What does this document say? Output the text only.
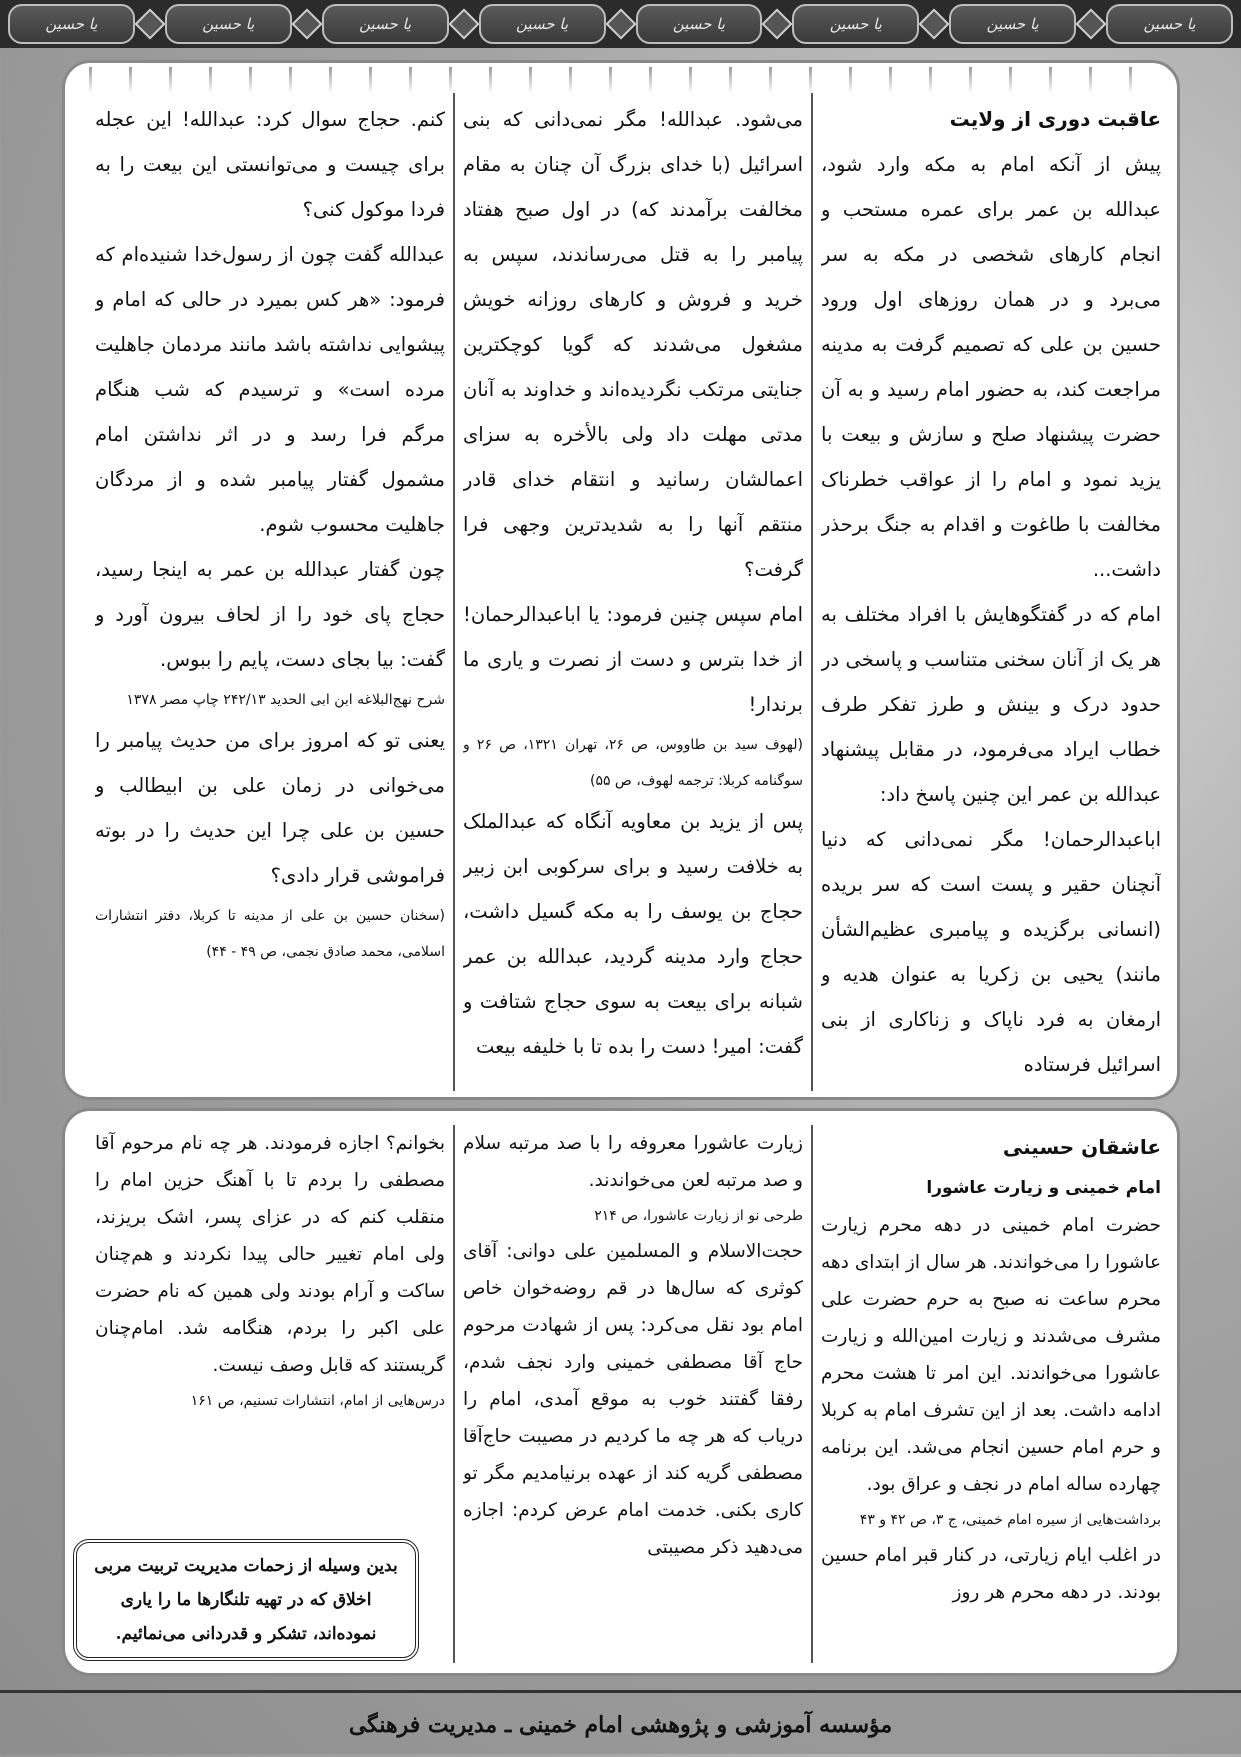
یا حسین
یا حسین
یا حسین
یا حسین
یا حسین
یا حسین
یا حسین
یا حسین
عاقبت دوری از ولایت

پیش از آنکه امام به مکه وارد شود، عبدالله بن عمر برای عمره مستحب و انجام کارهای شخصی در مکه به سر می‌برد و در همان روزهای اول ورود حسین بن علی که تصمیم گرفت به مدینه مراجعت کند، به حضور امام رسید و به آن حضرت پیشنهاد صلح و سازش و بیعت با یزید نمود و امام را از عواقب خطرناک مخالفت با طاغوت و اقدام به جنگ برحذر داشت...

امام که در گفتگوهایش با افراد مختلف به هر یک از آنان سخنی متناسب و پاسخی در حدود درک و بینش و طرز تفکر طرف خطاب ایراد می‌فرمود، در مقابل پیشنهاد عبدالله بن عمر این چنین پاسخ داد:

اباعبدالرحمان! مگر نمی‌دانی که دنیا آنچنان حقیر و پست است که سر بریده (انسانی برگزیده و پیامبری عظیم‌الشأن مانند) یحیی بن زکریا به عنوان هدیه و ارمغان به فرد ناپاک و زناکاری از بنی اسرائیل فرستاده

می‌شود. عبدالله! مگر نمی‌دانی که بنی اسرائیل (با خدای بزرگ آن چنان به مقام مخالفت برآمدند که) در اول صبح هفتاد پیامبر را به قتل می‌رساندند، سپس به خرید و فروش و کارهای روزانه خویش مشغول می‌شدند که گویا کوچکترین جنایتی مرتکب نگردیده‌اند و خداوند به آنان مدتی مهلت داد ولی بالأخره به سزای اعمالشان رسانید و انتقام خدای قادر منتقم آنها را به شدیدترین وجهی فرا گرفت؟

امام سپس چنین فرمود: یا اباعبدالرحمان! از خدا بترس و دست از نصرت و یاری ما برندار!

(لهوف سید بن طاووس، ص ۲۶، تهران ۱۳۲۱، ص ۲۶ و سوگنامه کربلا: ترجمه لهوف، ص ۵۵)

پس از یزید بن معاویه آنگاه که عبدالملک به خلافت رسید و برای سرکوبی ابن زبیر حجاج بن یوسف را به مکه گسیل داشت، حجاج وارد مدینه گردید، عبدالله بن عمر شبانه برای بیعت به سوی حجاج شتافت و گفت: امیر! دست را بده تا با خلیفه بیعت

کنم. حجاج سوال کرد: عبدالله! این عجله برای چیست و می‌توانستی این بیعت را به فردا موکول کنی؟

عبدالله گفت چون از رسول‌خدا شنیده‌ام که فرمود: «هر کس بمیرد در حالی که امام و پیشوایی نداشته باشد مانند مردمان جاهلیت مرده است» و ترسیدم که شب هنگام مرگم فرا رسد و در اثر نداشتن امام مشمول گفتار پیامبر شده و از مردگان جاهلیت محسوب شوم.

چون گفتار عبدالله بن عمر به اینجا رسید، حجاج پای خود را از لحاف بیرون آورد و گفت: بیا بجای دست، پایم را ببوس.

شرح نهج‌البلاغه ابن ابی الحدید ۲۴۲/۱۳ چاپ مصر ۱۳۷۸

یعنی تو که امروز برای من حدیث پیامبر را می‌خوانی در زمان علی بن ابیطالب و حسین بن علی چرا این حدیث را در بوته فراموشی قرار دادی؟

(سخنان حسین بن علی از مدینه تا کربلا، دفتر انتشارات اسلامی، محمد صادق نجمی، ص ۴۹ - ۴۴)

عاشقان حسینی
امام خمینی و زیارت عاشورا

حضرت امام خمینی در دهه محرم زیارت عاشورا را می‌خواندند. هر سال از ابتدای دهه محرم ساعت نه صبح به حرم حضرت علی مشرف می‌شدند و زیارت امین‌الله و زیارت عاشورا می‌خواندند. این امر تا هشت محرم ادامه داشت. بعد از این تشرف امام به کربلا و حرم امام حسین انجام می‌شد. این برنامه چهارده ساله امام در نجف و عراق بود.

برداشت‌هایی از سیره امام خمینی، ج ۳، ص ۴۲ و ۴۳

در اغلب ایام زیارتی، در کنار قبر امام حسین بودند. در دهه محرم هر روز

زیارت عاشورا معروفه را با صد مرتبه سلام و صد مرتبه لعن می‌خواندند.

طرحی نو از زیارت عاشورا، ص ۲۱۴

حجت‌الاسلام و المسلمین علی دوانی: آقای کوثری که سال‌ها در قم روضه‌خوان خاص امام بود نقل می‌کرد: پس از شهادت مرحوم حاج آقا مصطفی خمینی وارد نجف شدم، رفقا گفتند خوب به موقع آمدی، امام را دریاب که هر چه ما کردیم در مصیبت حاج‌آقا مصطفی گریه کند از عهده برنیامدیم مگر تو کاری بکنی. خدمت امام عرض کردم: اجازه می‌دهید ذکر مصیبتی

بخوانم؟ اجازه فرمودند. هر چه نام مرحوم آقا مصطفی را بردم تا با آهنگ حزین امام را منقلب کنم که در عزای پسر، اشک بریزند، ولی امام تغییر حالی پیدا نکردند و هم‌چنان ساکت و آرام بودند ولی همین که نام حضرت علی اکبر را بردم، هنگامه شد. امام‌چنان گریستند که قابل وصف نیست.

درس‌هایی از امام، انتشارات تسنیم، ص ۱۶۱

بدین وسیله از زحمات مدیریت تربیت مربی اخلاق که در تهیه تلنگارها ما را یاری نموده‌اند، تشکر و قدردانی می‌نمائیم.
مؤسسه آموزشی و پژوهشی امام خمینی ـ مدیریت فرهنگی
